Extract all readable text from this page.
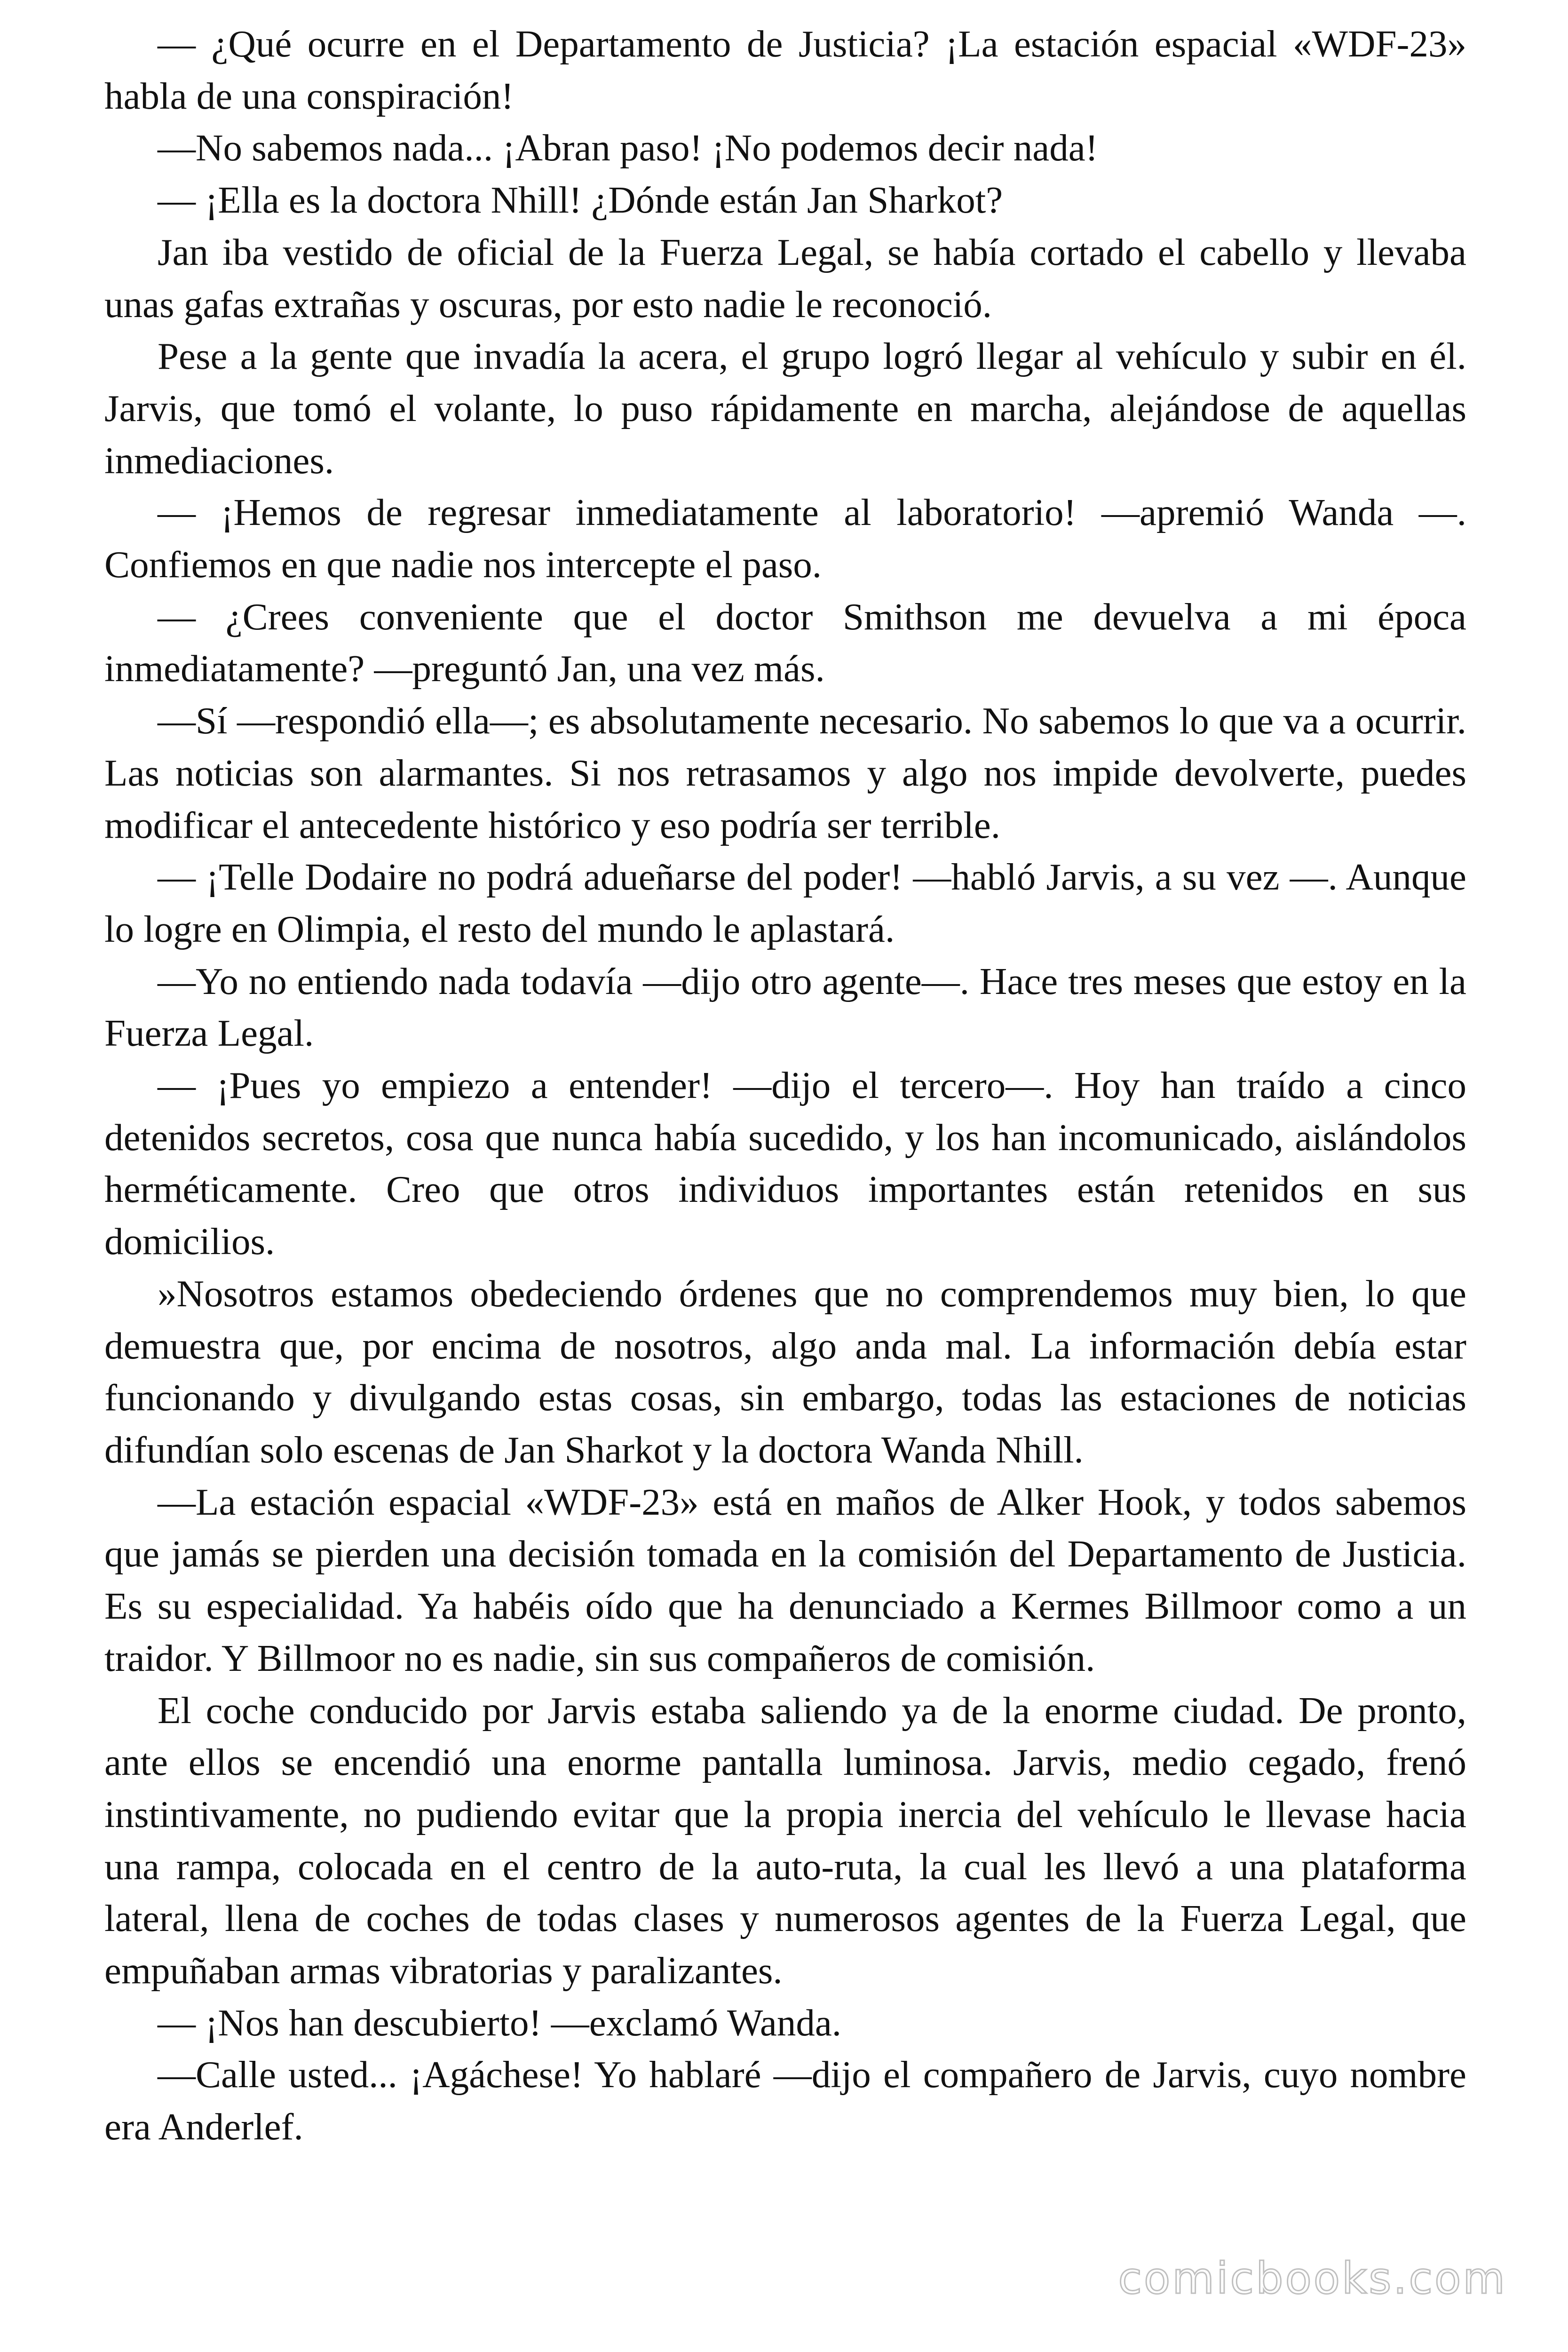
— ¿Qué ocurre en el Departamento de Justicia? ¡La estación espacial «WDF-23» habla de una conspiración!

—No sabemos nada... ¡Abran paso! ¡No podemos decir nada!

— ¡Ella es la doctora Nhill! ¿Dónde están Jan Sharkot?

Jan iba vestido de oficial de la Fuerza Legal, se había cortado el cabello y llevaba unas gafas extrañas y oscuras, por esto nadie le reconoció.

Pese a la gente que invadía la acera, el grupo logró llegar al vehículo y subir en él. Jarvis, que tomó el volante, lo puso rápidamente en marcha, alejándose de aquellas inmediaciones.

— ¡Hemos de regresar inmediatamente al laboratorio! —apremió Wanda —. Confiemos en que nadie nos intercepte el paso.

— ¿Crees conveniente que el doctor Smithson me devuelva a mi época inmediatamente? —preguntó Jan, una vez más.

—Sí —respondió ella—; es absolutamente necesario. No sabemos lo que va a ocurrir. Las noticias son alarmantes. Si nos retrasamos y algo nos impide devolverte, puedes modificar el antecedente histórico y eso podría ser terrible.

— ¡Telle Dodaire no podrá adueñarse del poder! —habló Jarvis, a su vez —. Aunque lo logre en Olimpia, el resto del mundo le aplastará.

—Yo no entiendo nada todavía —dijo otro agente—. Hace tres meses que estoy en la Fuerza Legal.

— ¡Pues yo empiezo a entender! —dijo el tercero—. Hoy han traído a cinco detenidos secretos, cosa que nunca había sucedido, y los han incomunicado, aislándolos herméticamente. Creo que otros individuos importantes están retenidos en sus domicilios.

»Nosotros estamos obedeciendo órdenes que no comprendemos muy bien, lo que demuestra que, por encima de nosotros, algo anda mal. La información debía estar funcionando y divulgando estas cosas, sin embargo, todas las estaciones de noticias difundían solo escenas de Jan Sharkot y la doctora Wanda Nhill.

—La estación espacial «WDF-23» está en maños de Alker Hook, y todos sabemos que jamás se pierden una decisión tomada en la comisión del Departamento de Justicia. Es su especialidad. Ya habéis oído que ha denunciado a Kermes Billmoor como a un traidor. Y Billmoor no es nadie, sin sus compañeros de comisión.

El coche conducido por Jarvis estaba saliendo ya de la enorme ciudad. De pronto, ante ellos se encendió una enorme pantalla luminosa. Jarvis, medio cegado, frenó instintivamente, no pudiendo evitar que la propia inercia del vehículo le llevase hacia una rampa, colocada en el centro de la auto-ruta, la cual les llevó a una plataforma lateral, llena de coches de todas clases y numerosos agentes de la Fuerza Legal, que empuñaban armas vibratorias y paralizantes.

— ¡Nos han descubierto! —exclamó Wanda.

—Calle usted... ¡Agáchese! Yo hablaré —dijo el compañero de Jarvis, cuyo nombre era Anderlef.

comicbooks.com
